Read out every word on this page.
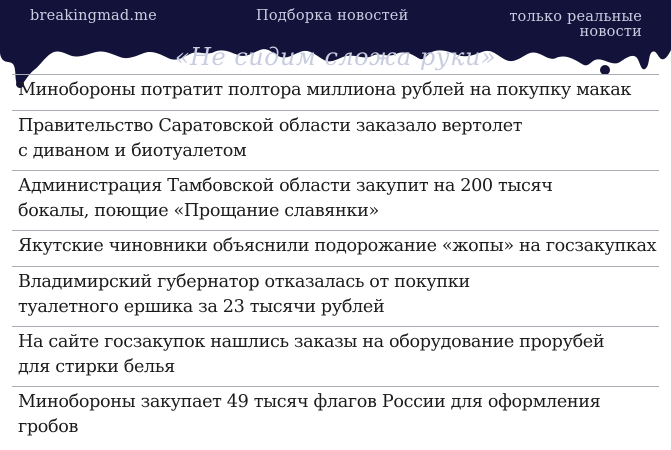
breakingmad.me	Подборка новостей	только реальные
новости
«Не сидим сложа руки»
Минобороны потратит полтора миллиона рублей на покупку макак
Правительство Саратовской области заказало вертолет
с диваном и биотуалетом
Администрация Тамбовской области закупит на 200 тысяч
бокалы, поющие «Прощание славянки»
Якутские чиновники объяснили подорожание «жопы» на госзакупках
Владимирский губернатор отказалась от покупки
туалетного ершика за 23 тысячи рублей
На сайте госзакупок нашлись заказы на оборудование прорубей
для стирки белья
Минобороны закупает 49 тысяч флагов России для оформления
гробов
